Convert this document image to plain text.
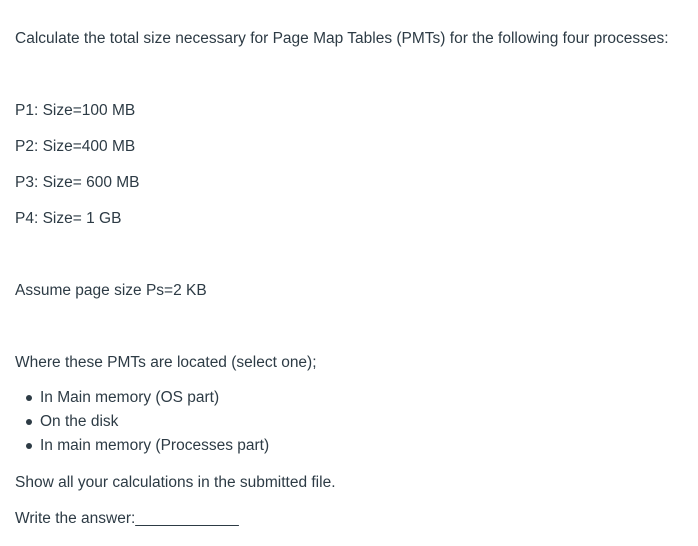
Calculate the total size necessary for Page Map Tables (PMTs) for the following four processes:
P1: Size=100 MB
P2: Size=400 MB
P3: Size= 600 MB
P4: Size= 1 GB
Assume page size Ps=2 KB
Where these PMTs are located (select one);
In Main memory (OS part)
On the disk
In main memory (Processes part)
Show all your calculations in the submitted file.
Write the answer:____________
